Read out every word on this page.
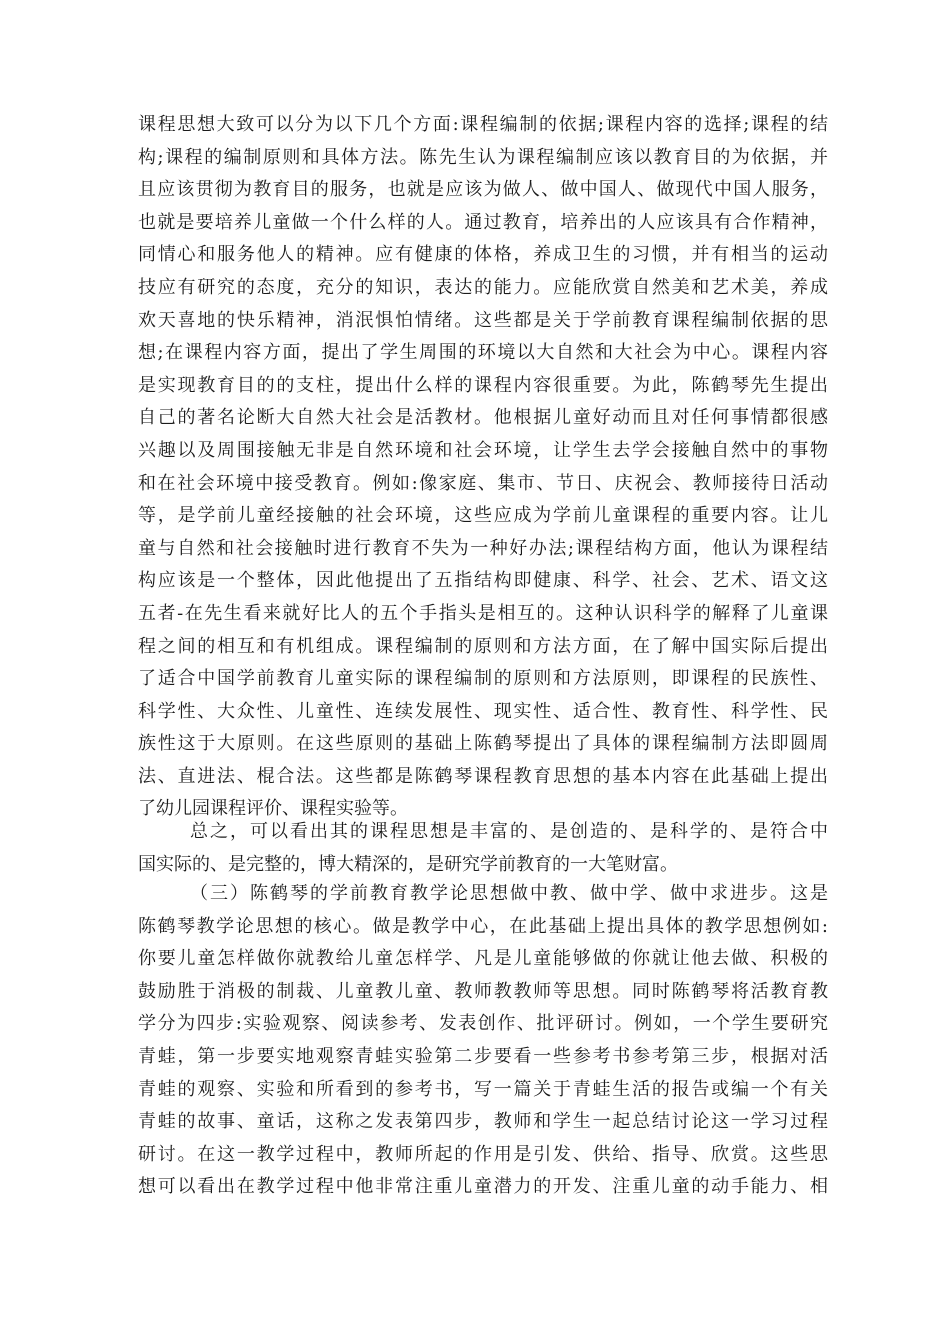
课程思想大致可以分为以下几个方面:课程编制的依据;课程内容的选择;课程的结
构;课程的编制原则和具体方法。陈先生认为课程编制应该以教育目的为依据，并
且应该贯彻为教育目的服务，也就是应该为做人、做中国人、做现代中国人服务，
也就是要培养儿童做一个什么样的人。通过教育，培养出的人应该具有合作精神，
同情心和服务他人的精神。应有健康的体格，养成卫生的习惯，并有相当的运动
技应有研究的态度，充分的知识，表达的能力。应能欣赏自然美和艺术美，养成
欢天喜地的快乐精神，消泯惧怕情绪。这些都是关于学前教育课程编制依据的思
想;在课程内容方面，提出了学生周围的环境以大自然和大社会为中心。课程内容
是实现教育目的的支柱，提出什么样的课程内容很重要。为此，陈鹤琴先生提出
自己的著名论断大自然大社会是活教材。他根据儿童好动而且对任何事情都很感
兴趣以及周围接触无非是自然环境和社会环境，让学生去学会接触自然中的事物
和在社会环境中接受教育。例如:像家庭、集市、节日、庆祝会、教师接待日活动
等，是学前儿童经接触的社会环境，这些应成为学前儿童课程的重要内容。让儿
童与自然和社会接触时进行教育不失为一种好办法;课程结构方面，他认为课程结
构应该是一个整体，因此他提出了五指结构即健康、科学、社会、艺术、语文这
五者-在先生看来就好比人的五个手指头是相互的。这种认识科学的解释了儿童课
程之间的相互和有机组成。课程编制的原则和方法方面，在了解中国实际后提出
了适合中国学前教育儿童实际的课程编制的原则和方法原则，即课程的民族性、
科学性、大众性、儿童性、连续发展性、现实性、适合性、教育性、科学性、民
族性这于大原则。在这些原则的基础上陈鹤琴提出了具体的课程编制方法即圆周
法、直进法、棍合法。这些都是陈鹤琴课程教育思想的基本内容在此基础上提出
了幼儿园课程评价、课程实验等。
总之，可以看出其的课程思想是丰富的、是创造的、是科学的、是符合中
国实际的、是完整的，博大精深的，是研究学前教育的一大笔财富。
（三）陈鹤琴的学前教育教学论思想做中教、做中学、做中求进步。这是
陈鹤琴教学论思想的核心。做是教学中心，在此基础上提出具体的教学思想例如:
你要儿童怎样做你就教给儿童怎样学、凡是儿童能够做的你就让他去做、积极的
鼓励胜于消极的制裁、儿童教儿童、教师教教师等思想。同时陈鹤琴将活教育教
学分为四步:实验观察、阅读参考、发表创作、批评研讨。例如，一个学生要研究
青蛙，第一步要实地观察青蛙实验第二步要看一些参考书参考第三步，根据对活
青蛙的观察、实验和所看到的参考书，写一篇关于青蛙生活的报告或编一个有关
青蛙的故事、童话，这称之发表第四步，教师和学生一起总结讨论这一学习过程
研讨。在这一教学过程中，教师所起的作用是引发、供给、指导、欣赏。这些思
想可以看出在教学过程中他非常注重儿童潜力的开发、注重儿童的动手能力、相
